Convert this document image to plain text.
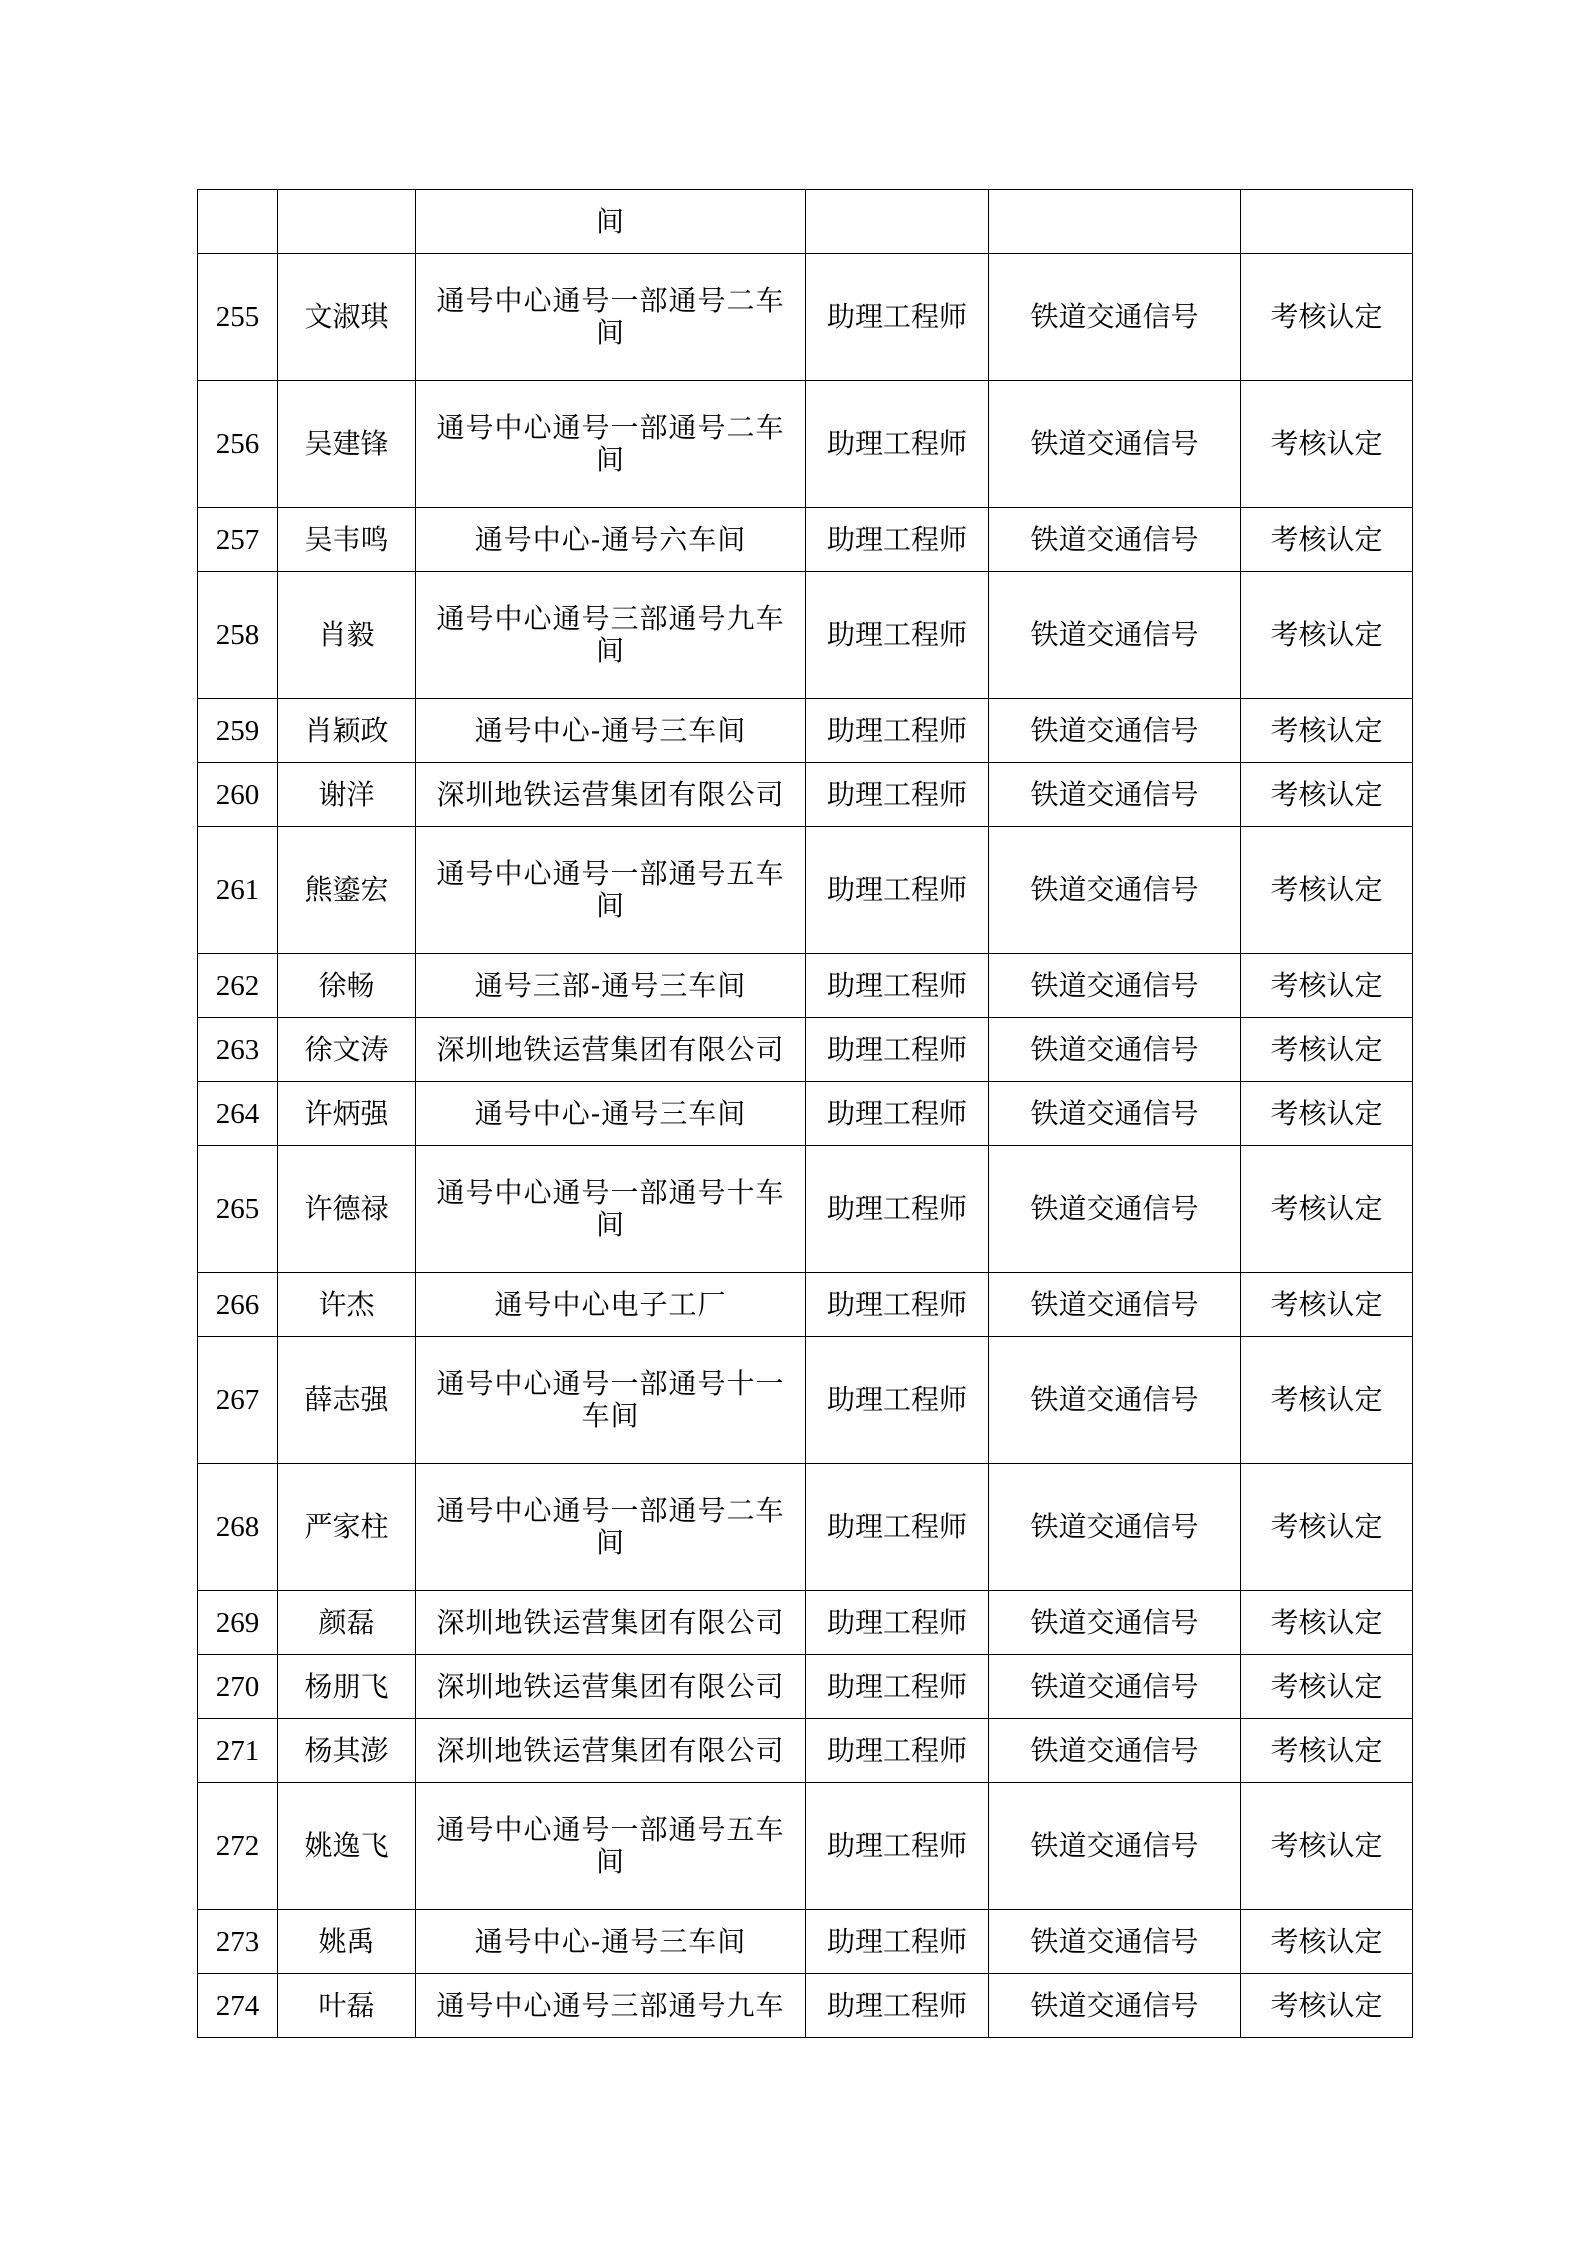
		间			
255	文淑琪	通号中心通号一部通号二车间	助理工程师	铁道交通信号	考核认定
256	吴建锋	通号中心通号一部通号二车间	助理工程师	铁道交通信号	考核认定
257	吴韦鸣	通号中心-通号六车间	助理工程师	铁道交通信号	考核认定
258	肖毅	通号中心通号三部通号九车间	助理工程师	铁道交通信号	考核认定
259	肖颖政	通号中心-通号三车间	助理工程师	铁道交通信号	考核认定
260	谢洋	深圳地铁运营集团有限公司	助理工程师	铁道交通信号	考核认定
261	熊鎏宏	通号中心通号一部通号五车间	助理工程师	铁道交通信号	考核认定
262	徐畅	通号三部-通号三车间	助理工程师	铁道交通信号	考核认定
263	徐文涛	深圳地铁运营集团有限公司	助理工程师	铁道交通信号	考核认定
264	许炳强	通号中心-通号三车间	助理工程师	铁道交通信号	考核认定
265	许德禄	通号中心通号一部通号十车间	助理工程师	铁道交通信号	考核认定
266	许杰	通号中心电子工厂	助理工程师	铁道交通信号	考核认定
267	薛志强	通号中心通号一部通号十一车间	助理工程师	铁道交通信号	考核认定
268	严家柱	通号中心通号一部通号二车间	助理工程师	铁道交通信号	考核认定
269	颜磊	深圳地铁运营集团有限公司	助理工程师	铁道交通信号	考核认定
270	杨朋飞	深圳地铁运营集团有限公司	助理工程师	铁道交通信号	考核认定
271	杨其澎	深圳地铁运营集团有限公司	助理工程师	铁道交通信号	考核认定
272	姚逸飞	通号中心通号一部通号五车间	助理工程师	铁道交通信号	考核认定
273	姚禹	通号中心-通号三车间	助理工程师	铁道交通信号	考核认定
274	叶磊	通号中心通号三部通号九车	助理工程师	铁道交通信号	考核认定
